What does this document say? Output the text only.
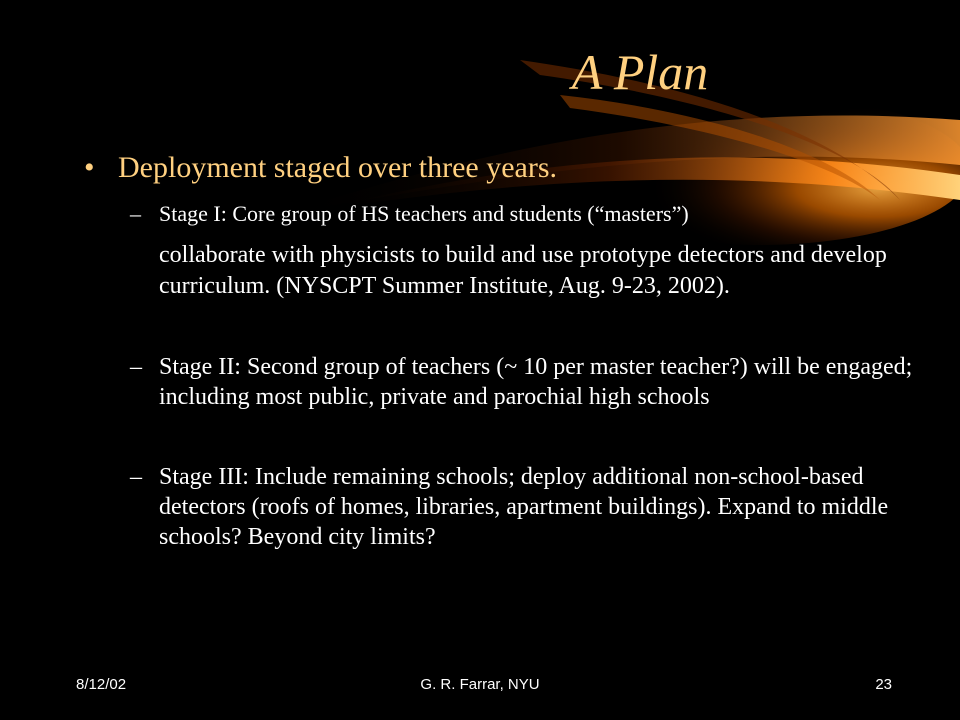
A Plan
• Deployment staged over three years.
– Stage I: Core group of HS teachers and students (“masters”)
collaborate with physicists to build and use prototype detectors and develop curriculum. (NYSCPT Summer Institute, Aug. 9-23, 2002).
– Stage II: Second group of teachers (~ 10 per master teacher?) will be engaged; including most public, private and parochial high schools
– Stage III: Include remaining schools; deploy additional non-school-based detectors (roofs of homes, libraries, apartment buildings). Expand to middle schools? Beyond city limits?
8/12/02	G. R. Farrar, NYU	23
